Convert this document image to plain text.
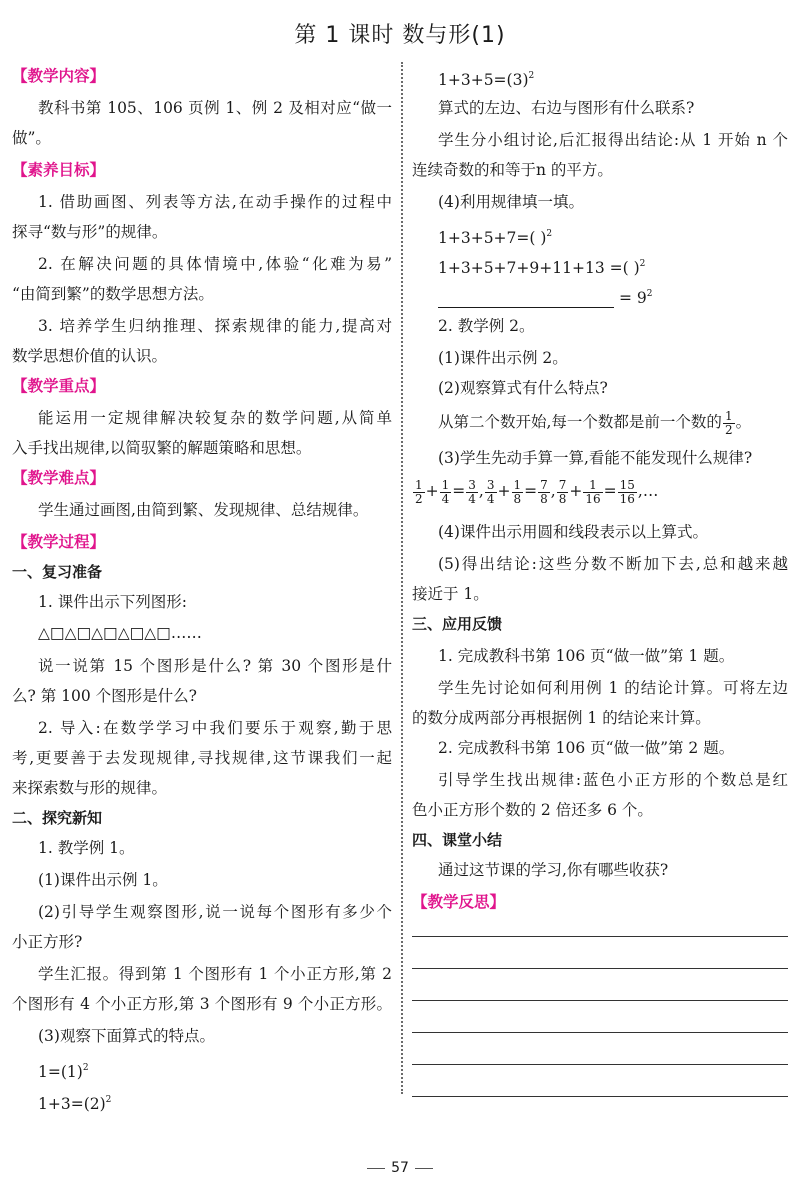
第 1 课时 数与形(1)
【教学内容】
教科书第 105、106 页例 1、例 2 及相对应“做一
做”。
【素养目标】
1. 借助画图、列表等方法,在动手操作的过程中
探寻“数与形”的规律。
2. 在解决问题的具体情境中,体验“化难为易”
“由简到繁”的数学思想方法。
3. 培养学生归纳推理、探索规律的能力,提高对
数学思想价值的认识。
【教学重点】
能运用一定规律解决较复杂的数学问题,从简单
入手找出规律,以简驭繁的解题策略和思想。
【教学难点】
学生通过画图,由简到繁、发现规律、总结规律。
【教学过程】
一、复习准备
1. 课件出示下列图形:
△□△□△□△□△□……
说一说第 15 个图形是什么? 第 30 个图形是什
么? 第 100 个图形是什么?
2. 导入:在数学学习中我们要乐于观察,勤于思
考,更要善于去发现规律,寻找规律,这节课我们一起
来探索数与形的规律。
二、探究新知
1. 教学例 1。
(1)课件出示例 1。
(2)引导学生观察图形,说一说每个图形有多少个
小正方形?
学生汇报。得到第 1 个图形有 1 个小正方形,第 2
个图形有 4 个小正方形,第 3 个图形有 9 个小正方形。
(3)观察下面算式的特点。
$1=(1)^2$
$1+3=(2)^2$
$1+3+5=(3)^2$
算式的左边、右边与图形有什么联系?
学生分小组讨论,后汇报得出结论:从 1 开始 n 个
连续奇数的和等于n 的平方。
(4)利用规律填一填。
1+3+5+7=( )$^2$
1+3+5+7+9+11+13 =( )$^2$
= $9^2$
2. 教学例 2。
(1)课件出示例 2。
(2)观察算式有什么特点?
从第二个数开始,每一个数都是前一个数的 $\frac{1}{2}$ 。
(3)学生先动手算一算,看能不能发现什么规律?
$\frac{1}{2} + \frac{1}{4} = \frac{3}{4}$ , $\frac{3}{4} + \frac{1}{8} = \frac{7}{8}$ , $\frac{7}{8} + \frac{1}{16} = \frac{15}{16}$ ,…
(4)课件出示用圆和线段表示以上算式。
(5)得出结论:这些分数不断加下去,总和越来越
接近于 1。
三、应用反馈
1. 完成教科书第 106 页“做一做”第 1 题。
学生先讨论如何利用例 1 的结论计算。可将左边
的数分成两部分再根据例 1 的结论来计算。
2. 完成教科书第 106 页“做一做”第 2 题。
引导学生找出规律:蓝色小正方形的个数总是红
色小正方形个数的 2 倍还多 6 个。
四、课堂小结
通过这节课的学习,你有哪些收获?
【教学反思】
57
